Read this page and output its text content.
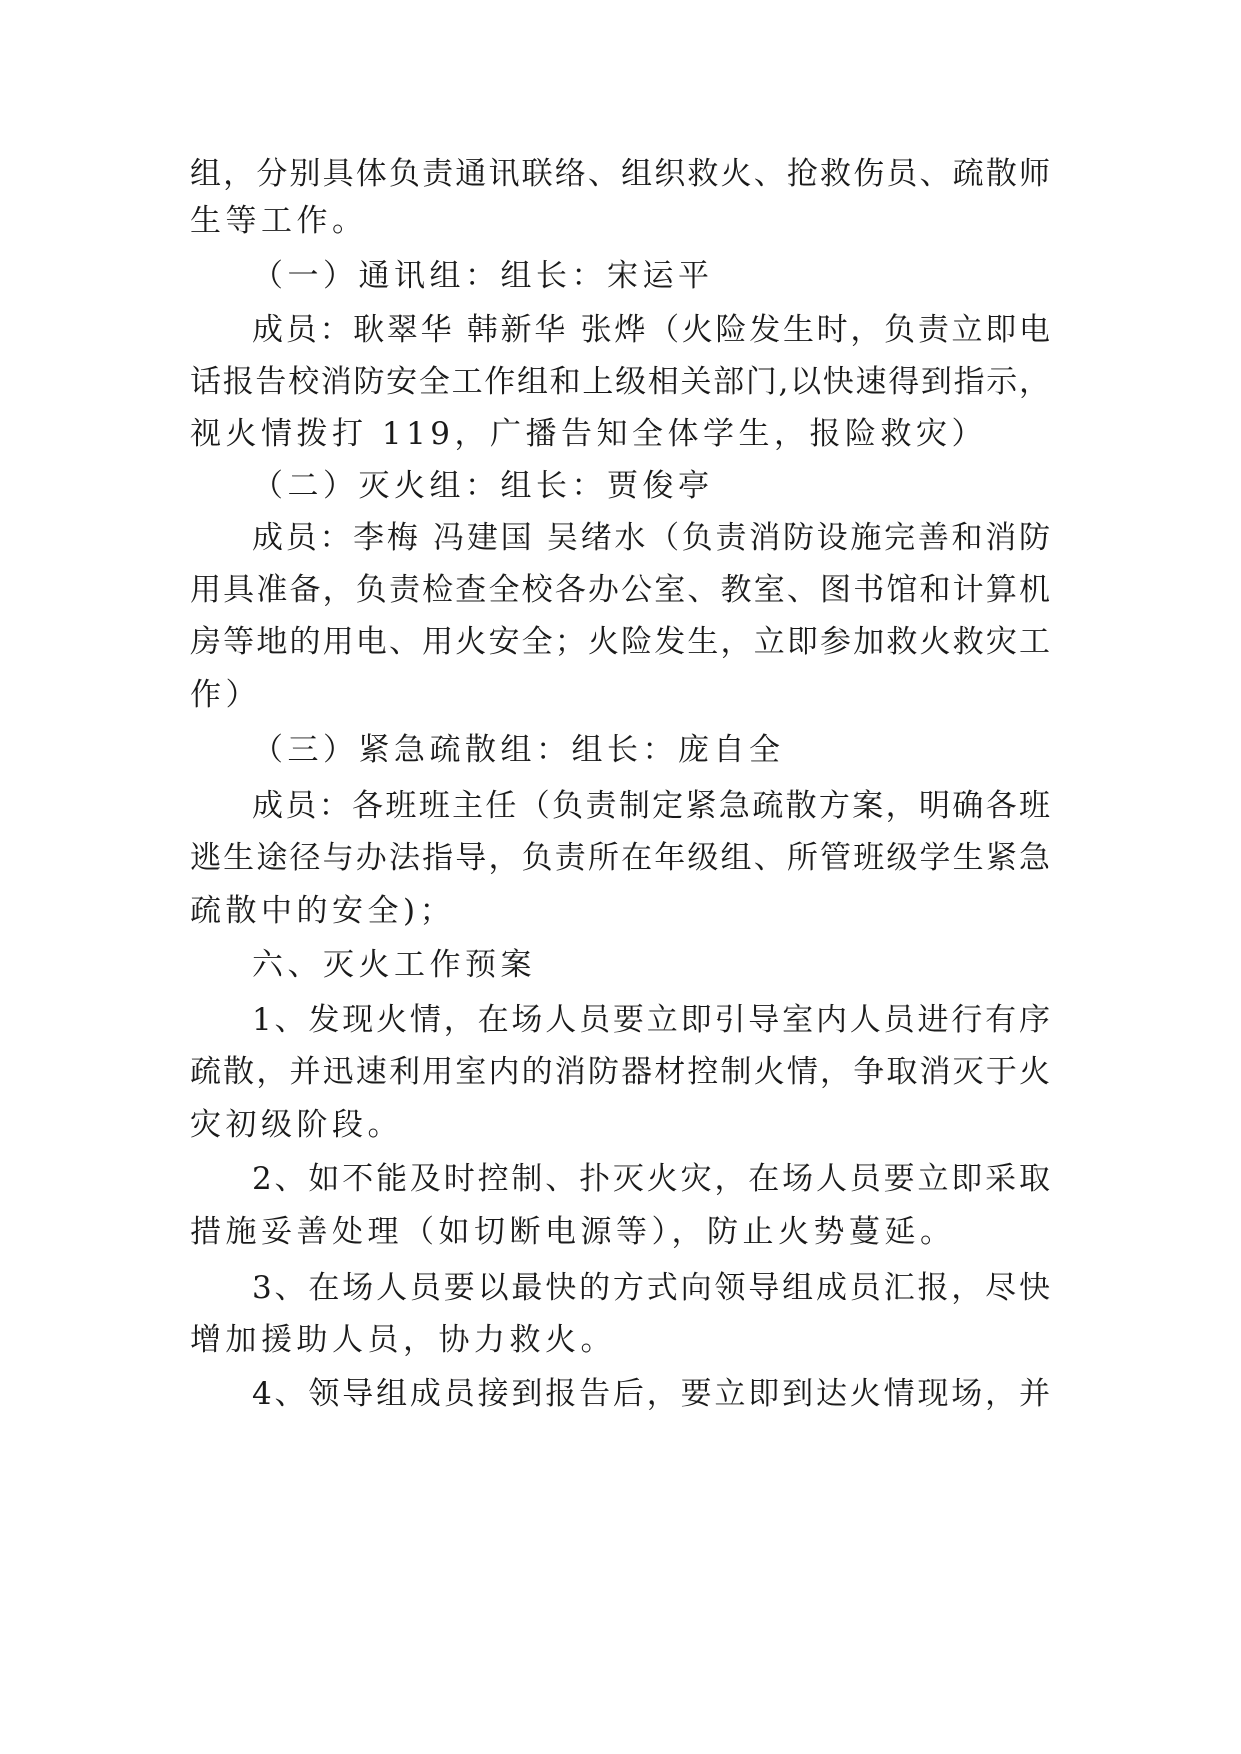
组，分别具体负责通讯联络、组织救火、抢救伤员、疏散师
生等工作。
（一）通讯组：组长：宋运平
成员：耿翠华 韩新华 张烨（火险发生时，负责立即电
话报告校消防安全工作组和上级相关部门,以快速得到指示，
视火情拨打 119，广播告知全体学生，报险救灾）
（二）灭火组：组长：贾俊亭
成员：李梅 冯建国 吴绪水（负责消防设施完善和消防
用具准备，负责检查全校各办公室、教室、图书馆和计算机
房等地的用电、用火安全；火险发生，立即参加救火救灾工
作）
（三）紧急疏散组：组长：庞自全
成员：各班班主任（负责制定紧急疏散方案，明确各班
逃生途径与办法指导，负责所在年级组、所管班级学生紧急
疏散中的安全)；
六、灭火工作预案
1、发现火情，在场人员要立即引导室内人员进行有序
疏散，并迅速利用室内的消防器材控制火情，争取消灭于火
灾初级阶段。
2、如不能及时控制、扑灭火灾，在场人员要立即采取
措施妥善处理（如切断电源等），防止火势蔓延。
3、在场人员要以最快的方式向领导组成员汇报，尽快
增加援助人员，协力救火。
4、领导组成员接到报告后，要立即到达火情现场，并
